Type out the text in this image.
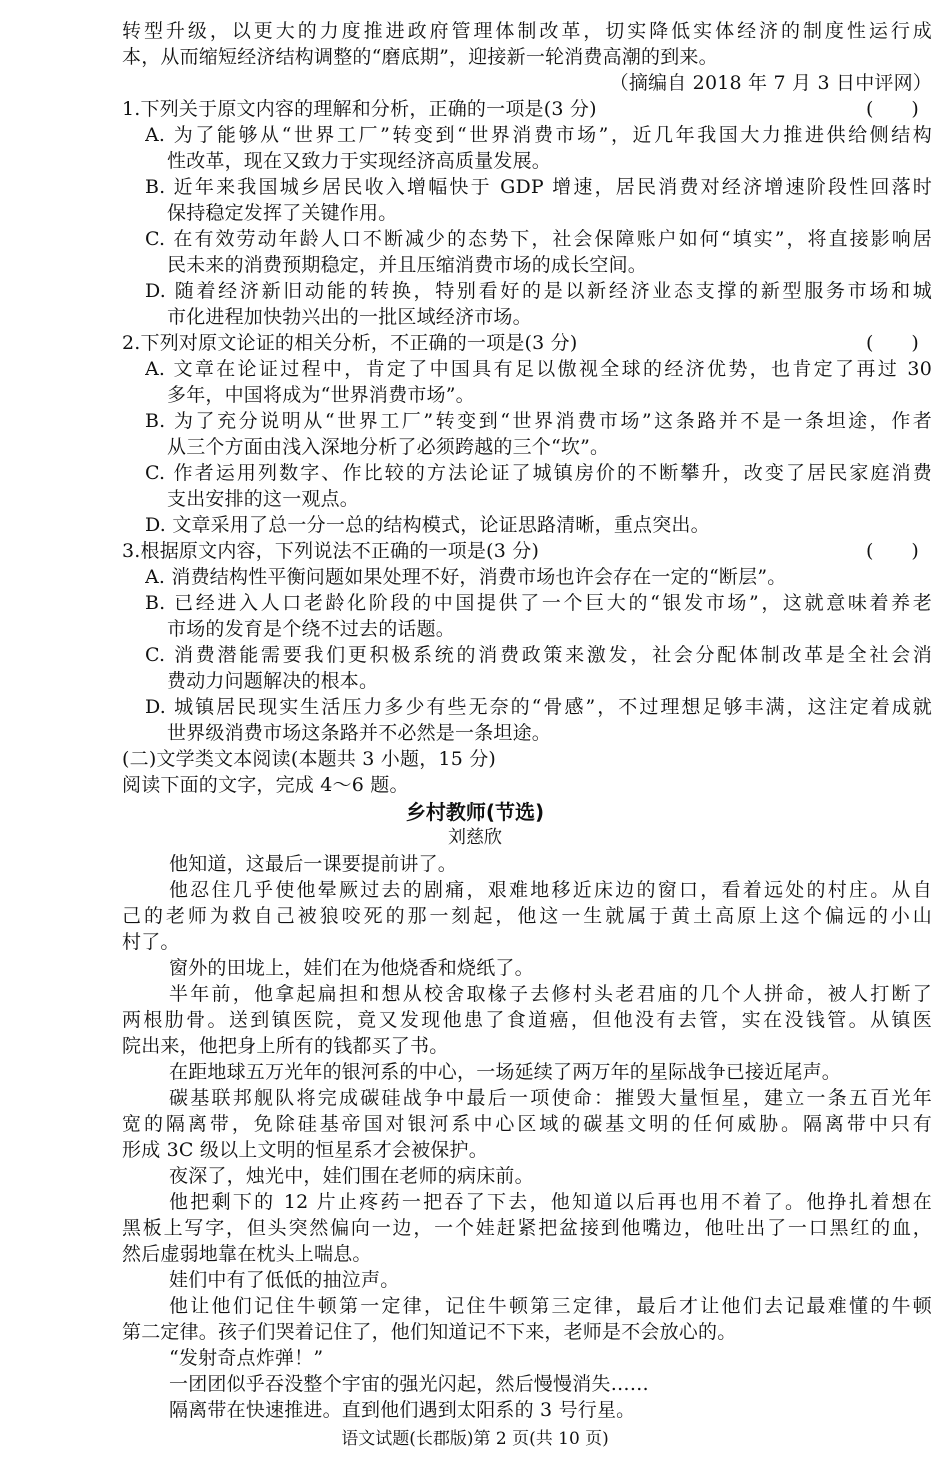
转型升级，以更大的力度推进政府管理体制改革，切实降低实体经济的制度性运行成
本，从而缩短经济结构调整的“磨底期”，迎接新一轮消费高潮的到来。
（摘编自 2018 年 7 月 3 日中评网）
1.下列关于原文内容的理解和分析，正确的一项是(3 分)	(　　)
A. 为了能够从“世界工厂”转变到“世界消费市场”，近几年我国大力推进供给侧结构
性改革，现在又致力于实现经济高质量发展。
B. 近年来我国城乡居民收入增幅快于 GDP 增速，居民消费对经济增速阶段性回落时
保持稳定发挥了关键作用。
C. 在有效劳动年龄人口不断减少的态势下，社会保障账户如何“填实”，将直接影响居
民未来的消费预期稳定，并且压缩消费市场的成长空间。
D. 随着经济新旧动能的转换，特别看好的是以新经济业态支撑的新型服务市场和城
市化进程加快勃兴出的一批区域经济市场。
2.下列对原文论证的相关分析，不正确的一项是(3 分)	(　　)
A. 文章在论证过程中，肯定了中国具有足以傲视全球的经济优势，也肯定了再过 30
多年，中国将成为“世界消费市场”。
B. 为了充分说明从“世界工厂”转变到“世界消费市场”这条路并不是一条坦途，作者
从三个方面由浅入深地分析了必须跨越的三个“坎”。
C. 作者运用列数字、作比较的方法论证了城镇房价的不断攀升，改变了居民家庭消费
支出安排的这一观点。
D. 文章采用了总一分一总的结构模式，论证思路清晰，重点突出。
3.根据原文内容，下列说法不正确的一项是(3 分)	(　　)
A. 消费结构性平衡问题如果处理不好，消费市场也许会存在一定的“断层”。
B. 已经进入人口老龄化阶段的中国提供了一个巨大的“银发市场”，这就意味着养老
市场的发育是个绕不过去的话题。
C. 消费潜能需要我们更积极系统的消费政策来激发，社会分配体制改革是全社会消
费动力问题解决的根本。
D. 城镇居民现实生活压力多少有些无奈的“骨感”，不过理想足够丰满，这注定着成就
世界级消费市场这条路并不必然是一条坦途。
(二)文学类文本阅读(本题共 3 小题，15 分)
阅读下面的文字，完成 4～6 题。
乡村教师(节选)
刘慈欣
他知道，这最后一课要提前讲了。
他忍住几乎使他晕厥过去的剧痛，艰难地移近床边的窗口，看着远处的村庄。从自
己的老师为救自己被狼咬死的那一刻起，他这一生就属于黄土高原上这个偏远的小山
村了。
窗外的田垅上，娃们在为他烧香和烧纸了。
半年前，他拿起扁担和想从校舍取椽子去修村头老君庙的几个人拼命，被人打断了
两根肋骨。送到镇医院，竟又发现他患了食道癌，但他没有去管，实在没钱管。从镇医
院出来，他把身上所有的钱都买了书。
在距地球五万光年的银河系的中心，一场延续了两万年的星际战争已接近尾声。
碳基联邦舰队将完成碳硅战争中最后一项使命：摧毁大量恒星，建立一条五百光年
宽的隔离带，免除硅基帝国对银河系中心区域的碳基文明的任何威胁。隔离带中只有
形成 3C 级以上文明的恒星系才会被保护。
夜深了，烛光中，娃们围在老师的病床前。
他把剩下的 12 片止疼药一把吞了下去，他知道以后再也用不着了。他挣扎着想在
黑板上写字，但头突然偏向一边，一个娃赶紧把盆接到他嘴边，他吐出了一口黑红的血，
然后虚弱地靠在枕头上喘息。
娃们中有了低低的抽泣声。
他让他们记住牛顿第一定律，记住牛顿第三定律，最后才让他们去记最难懂的牛顿
第二定律。孩子们哭着记住了，他们知道记不下来，老师是不会放心的。
“发射奇点炸弹！”
一团团似乎吞没整个宇宙的强光闪起，然后慢慢消失……
隔离带在快速推进。直到他们遇到太阳系的 3 号行星。
语文试题(长郡版)第 2 页(共 10 页)
